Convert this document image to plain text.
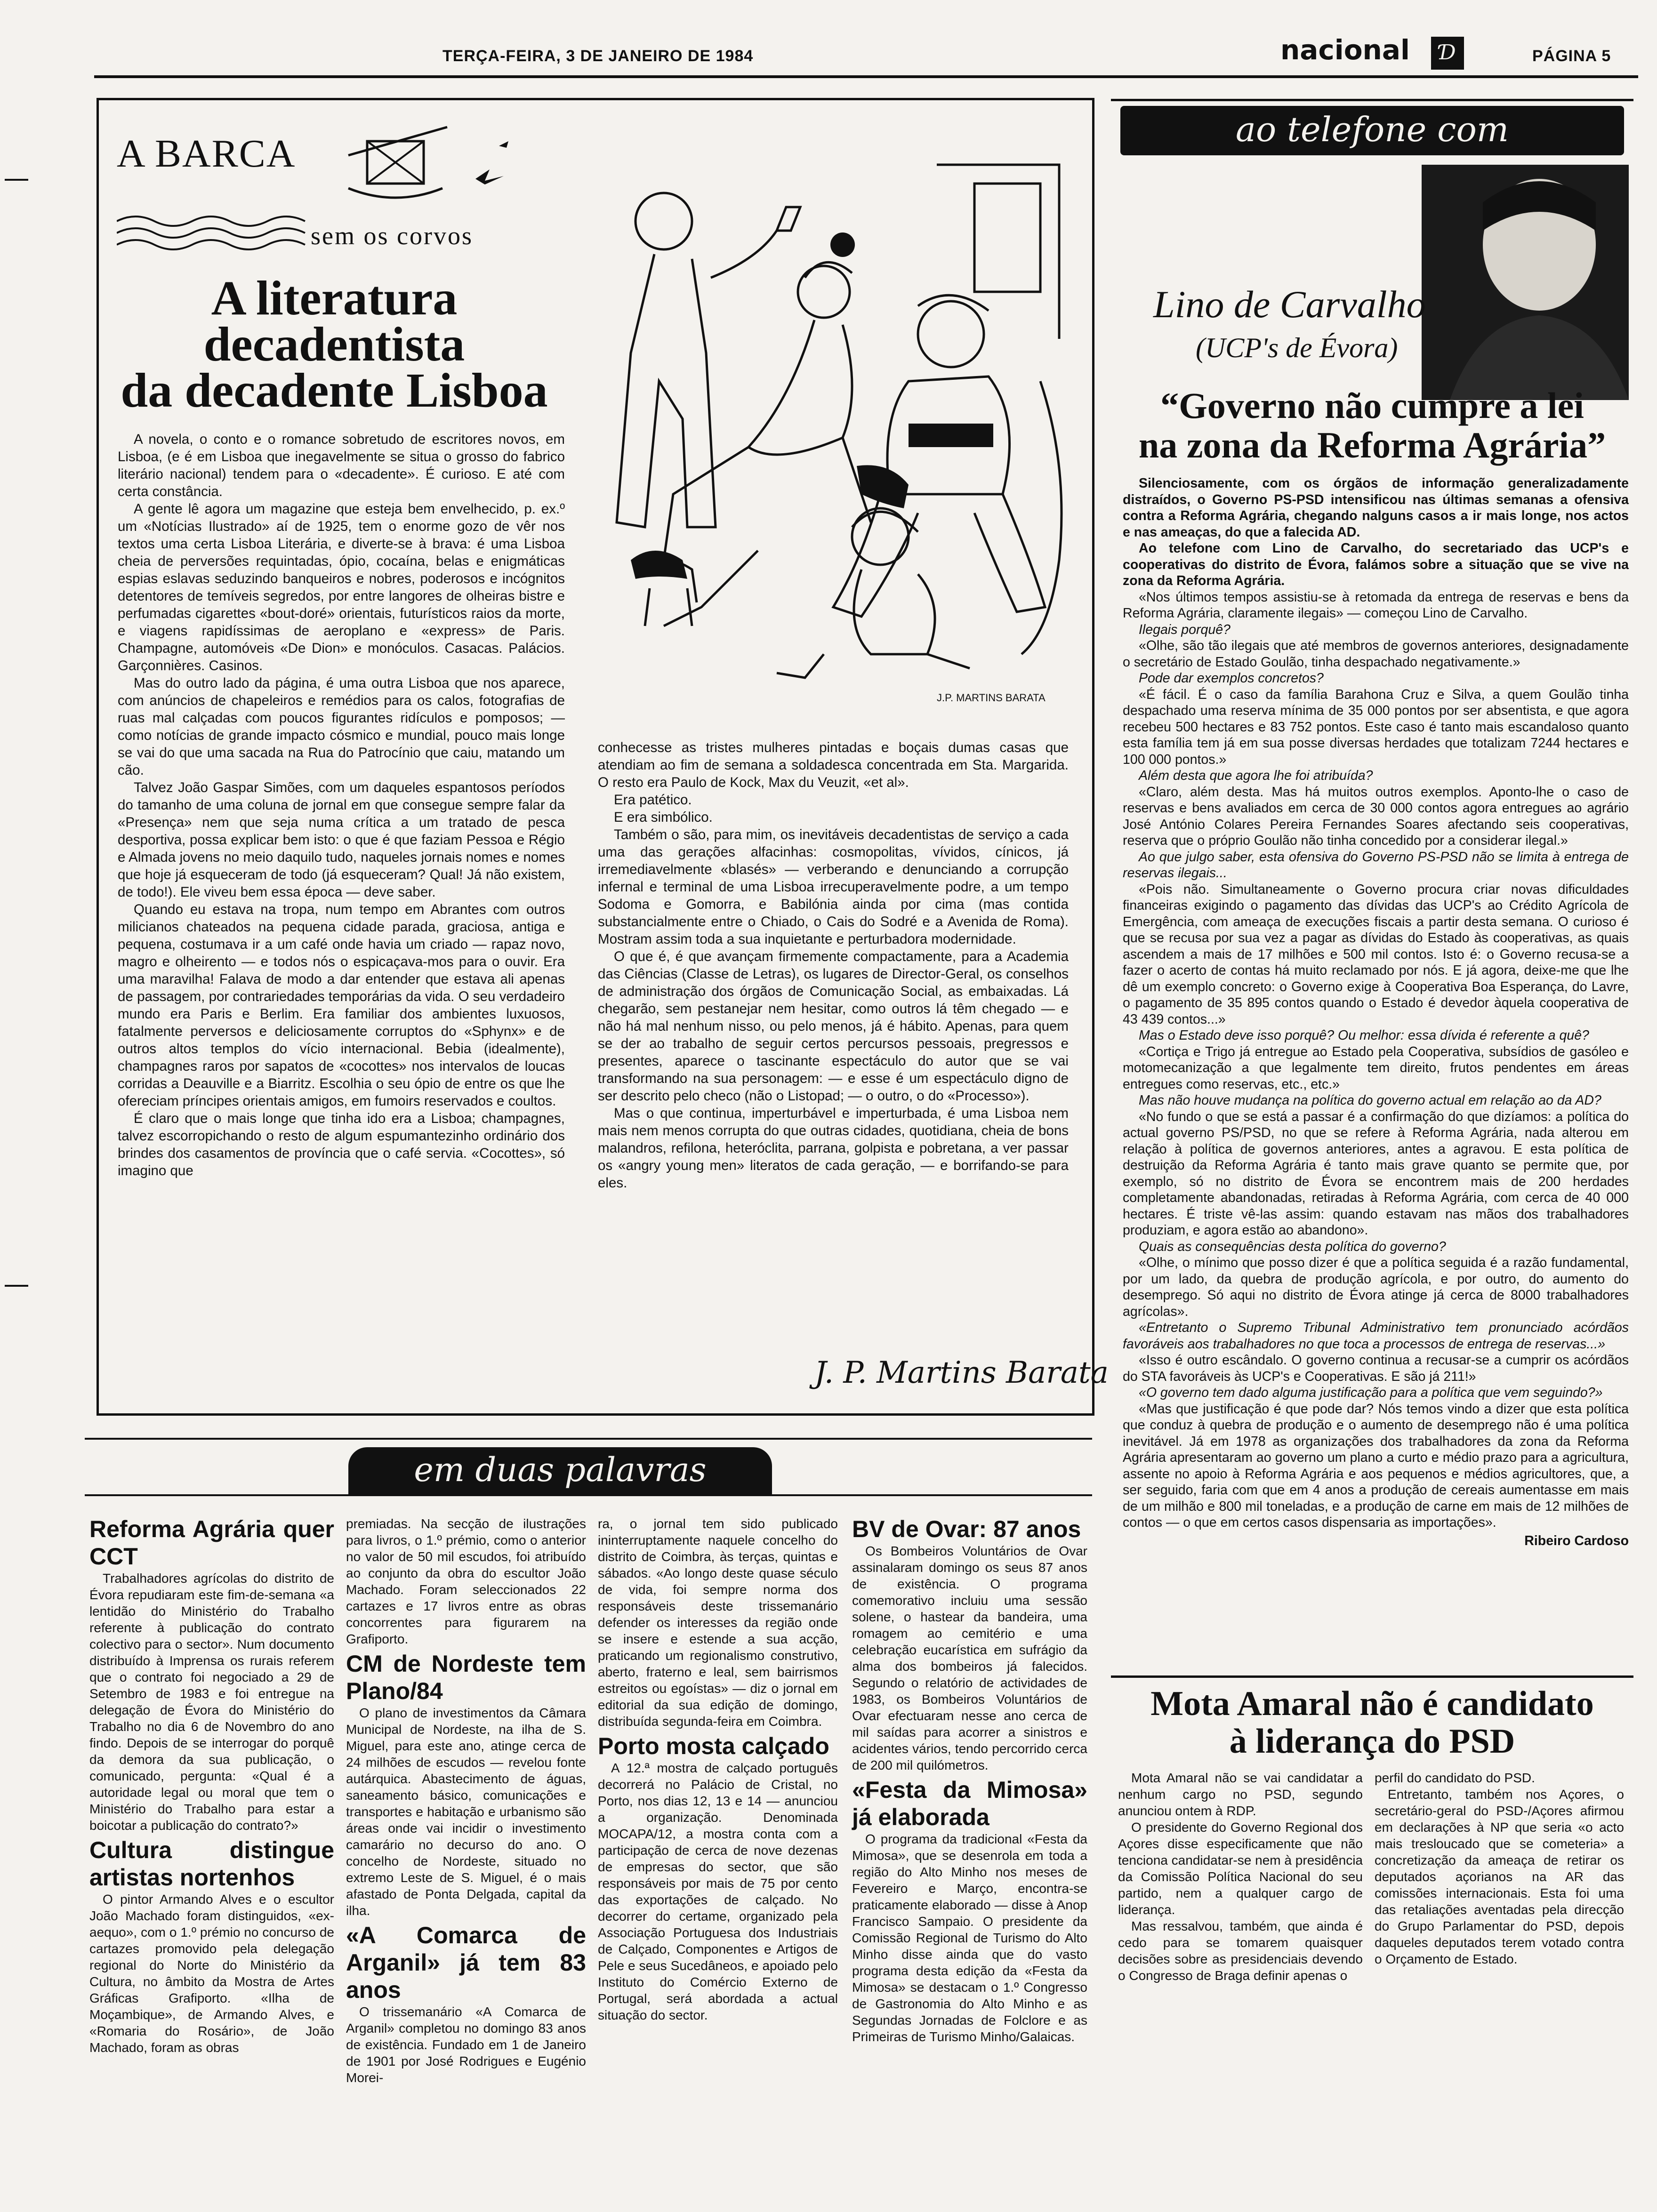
TERÇA-FEIRA, 3 DE JANEIRO DE 1984	nacional	Ɗ	PÁGINA 5
A BARCA
sem os corvos
A literatura
decadentista
da decadente Lisboa
J.P. MARTINS BARATA

A novela, o conto e o romance sobretudo de escritores novos, em Lisboa, (e é em Lisboa que inegavelmente se situa o grosso do fabrico literário nacional) tendem para o «decadente». É curioso. E até com certa constância.

A gente lê agora um magazine que esteja bem envelhecido, p. ex.º um «Notícias Ilustrado» aí de 1925, tem o enorme gozo de vêr nos textos uma certa Lisboa Literária, e diverte-se à brava: é uma Lisboa cheia de perversões requintadas, ópio, cocaína, belas e enigmáticas espias eslavas seduzindo banqueiros e nobres, poderosos e incógnitos detentores de temíveis segredos, por entre langores de olheiras bistre e perfumadas cigarettes «bout-doré» orientais, futurísticos raios da morte, e viagens rapidíssimas de aeroplano e «express» de Paris. Champagne, automóveis «De Dion» e monóculos. Casacas. Palácios. Garçonnières. Casinos.

Mas do outro lado da página, é uma outra Lisboa que nos aparece, com anúncios de chapeleiros e remédios para os calos, fotografias de ruas mal calçadas com poucos figurantes ridículos e pomposos; — como notícias de grande impacto cósmico e mundial, pouco mais longe se vai do que uma sacada na Rua do Patrocínio que caiu, matando um cão.

Talvez João Gaspar Simões, com um daqueles espantosos períodos do tamanho de uma coluna de jornal em que consegue sempre falar da «Presença» nem que seja numa crítica a um tratado de pesca desportiva, possa explicar bem isto: o que é que faziam Pessoa e Régio e Almada jovens no meio daquilo tudo, naqueles jornais nomes e nomes que hoje já esqueceram de todo (já esqueceram? Qual! Já não existem, de todo!). Ele viveu bem essa época — deve saber.

Quando eu estava na tropa, num tempo em Abrantes com outros milicianos chateados na pequena cidade parada, graciosa, antiga e pequena, costumava ir a um café onde havia um criado — rapaz novo, magro e olheirento — e todos nós o espicaçava-mos para o ouvir. Era uma maravilha! Falava de modo a dar entender que estava ali apenas de passagem, por contrariedades temporárias da vida. O seu verdadeiro mundo era Paris e Berlim. Era familiar dos ambientes luxuosos, fatalmente perversos e deliciosamente corruptos do «Sphynx» e de outros altos templos do vício internacional. Bebia (idealmente), champagnes raros por sapatos de «cocottes» nos intervalos de loucas corridas a Deauville e a Biarritz. Escolhia o seu ópio de entre os que lhe ofereciam príncipes orientais amigos, em fumoirs reservados e coultos.

É claro que o mais longe que tinha ido era a Lisboa; champagnes, talvez escorropichando o resto de algum espumantezinho ordinário dos brindes dos casamentos de província que o café servia. «Cocottes», só imagino que

conhecesse as tristes mulheres pintadas e boçais dumas casas que atendiam ao fim de semana a soldadesca concentrada em Sta. Margarida. O resto era Paulo de Kock, Max du Veuzit, «et al».

Era patético.

E era simbólico.

Também o são, para mim, os inevitáveis decadentistas de serviço a cada uma das gerações alfacinhas: cosmopolitas, vívidos, cínicos, já irremediavelmente «blasés» — verberando e denunciando a corrupção infernal e terminal de uma Lisboa irrecuperavelmente podre, a um tempo Sodoma e Gomorra, e Babilónia ainda por cima (mas contida substancialmente entre o Chiado, o Cais do Sodré e a Avenida de Roma). Mostram assim toda a sua inquietante e perturbadora modernidade.

O que é, é que avançam firmemente compactamente, para a Academia das Ciências (Classe de Letras), os lugares de Director-Geral, os conselhos de administração dos órgãos de Comunicação Social, as embaixadas. Lá chegarão, sem pestanejar nem hesitar, como outros lá têm chegado — e não há mal nenhum nisso, ou pelo menos, já é hábito. Apenas, para quem se der ao trabalho de seguir certos percursos pessoais, pregressos e presentes, aparece o tascinante espectáculo do autor que se vai transformando na sua personagem: — e esse é um espectáculo digno de ser descrito pelo checo (não o Listopad; — o outro, o do «Processo»).

Mas o que continua, imperturbável e imperturbada, é uma Lisboa nem mais nem menos corrupta do que outras cidades, quotidiana, cheia de bons malandros, refilona, heteróclita, parrana, golpista e pobretana, a ver passar os «angry young men» literatos de cada geração, — e borrifando-se para eles.

J. P. Martins Barata
ao telefone com
Lino de Carvalho
(UCP's de Évora)
“Governo não cumpre a lei
na zona da Reforma Agrária”

Silenciosamente, com os órgãos de informação generalizadamente distraídos, o Governo PS-PSD intensificou nas últimas semanas a ofensiva contra a Reforma Agrária, chegando nalguns casos a ir mais longe, nos actos e nas ameaças, do que a falecida AD.

Ao telefone com Lino de Carvalho, do secretariado das UCP's e cooperativas do distrito de Évora, falámos sobre a situação que se vive na zona da Reforma Agrária.

«Nos últimos tempos assistiu-se à retomada da entrega de reservas e bens da Reforma Agrária, claramente ilegais» — começou Lino de Carvalho.

Ilegais porquê?

«Olhe, são tão ilegais que até membros de governos anteriores, designadamente o secretário de Estado Goulão, tinha despachado negativamente.»

Pode dar exemplos concretos?

«É fácil. É o caso da família Barahona Cruz e Silva, a quem Goulão tinha despachado uma reserva mínima de 35 000 pontos por ser absentista, e que agora recebeu 500 hectares e 83 752 pontos. Este caso é tanto mais escandaloso quanto esta família tem já em sua posse diversas herdades que totalizam 7244 hectares e 100 000 pontos.»

Além desta que agora lhe foi atribuída?

«Claro, além desta. Mas há muitos outros exemplos. Aponto-lhe o caso de reservas e bens avaliados em cerca de 30 000 contos agora entregues ao agrário José António Colares Pereira Fernandes Soares afectando seis cooperativas, reserva que o próprio Goulão não tinha concedido por a considerar ilegal.»

Ao que julgo saber, esta ofensiva do Governo PS-PSD não se limita à entrega de reservas ilegais...

«Pois não. Simultaneamente o Governo procura criar novas dificuldades financeiras exigindo o pagamento das dívidas das UCP's ao Crédito Agrícola de Emergência, com ameaça de execuções fiscais a partir desta semana. O curioso é que se recusa por sua vez a pagar as dívidas do Estado às cooperativas, as quais ascendem a mais de 17 milhões e 500 mil contos. Isto é: o Governo recusa-se a fazer o acerto de contas há muito reclamado por nós. E já agora, deixe-me que lhe dê um exemplo concreto: o Governo exige à Cooperativa Boa Esperança, do Lavre, o pagamento de 35 895 contos quando o Estado é devedor àquela cooperativa de 43 439 contos...»

Mas o Estado deve isso porquê? Ou melhor: essa dívida é referente a quê?

«Cortiça e Trigo já entregue ao Estado pela Cooperativa, subsídios de gasóleo e motomecanização a que legalmente tem direito, frutos pendentes em áreas entregues como reservas, etc., etc.»

Mas não houve mudança na política do governo actual em relação ao da AD?

«No fundo o que se está a passar é a confirmação do que dizíamos: a política do actual governo PS/PSD, no que se refere à Reforma Agrária, nada alterou em relação à política de governos anteriores, antes a agravou. E esta política de destruição da Reforma Agrária é tanto mais grave quanto se permite que, por exemplo, só no distrito de Évora se encontrem mais de 200 herdades completamente abandonadas, retiradas à Reforma Agrária, com cerca de 40 000 hectares. É triste vê-las assim: quando estavam nas mãos dos trabalhadores produziam, e agora estão ao abandono».

Quais as consequências desta política do governo?

«Olhe, o mínimo que posso dizer é que a política seguida é a razão fundamental, por um lado, da quebra de produção agrícola, e por outro, do aumento do desemprego. Só aqui no distrito de Évora atinge já cerca de 8000 trabalhadores agrícolas».

«Entretanto o Supremo Tribunal Administrativo tem pronunciado acórdãos favoráveis aos trabalhadores no que toca a processos de entrega de reservas...»

«Isso é outro escândalo. O governo continua a recusar-se a cumprir os acórdãos do STA favoráveis às UCP's e Cooperativas. E são já 211!»

«O governo tem dado alguma justificação para a política que vem seguindo?»

«Mas que justificação é que pode dar? Nós temos vindo a dizer que esta política que conduz à quebra de produção e o aumento de desemprego não é uma política inevitável. Já em 1978 as organizações dos trabalhadores da zona da Reforma Agrária apresentaram ao governo um plano a curto e médio prazo para a agricultura, assente no apoio à Reforma Agrária e aos pequenos e médios agricultores, que, a ser seguido, faria com que em 4 anos a produção de cereais aumentasse em mais de um milhão e 800 mil toneladas, e a produção de carne em mais de 12 milhões de contos — o que em certos casos dispensaria as importações».

Ribeiro Cardoso
em duas palavras
Reforma Agrária quer CCT

Trabalhadores agrícolas do distrito de Évora repudiaram este fim-de-semana «a lentidão do Ministério do Trabalho referente à publicação do contrato colectivo para o sector». Num documento distribuído à Imprensa os rurais referem que o contrato foi negociado a 29 de Setembro de 1983 e foi entregue na delegação de Évora do Ministério do Trabalho no dia 6 de Novembro do ano findo. Depois de se interrogar do porquê da demora da sua publicação, o comunicado, pergunta: «Qual é a autoridade legal ou moral que tem o Ministério do Trabalho para estar a boicotar a publicação do contrato?»

Cultura distingue artistas nortenhos

O pintor Armando Alves e o escultor João Machado foram distinguidos, «ex-aequo», com o 1.º prémio no concurso de cartazes promovido pela delegação regional do Norte do Ministério da Cultura, no âmbito da Mostra de Artes Gráficas Grafiporto. «Ilha de Moçambique», de Armando Alves, e «Romaria do Rosário», de João Machado, foram as obras

premiadas. Na secção de ilustrações para livros, o 1.º prémio, como o anterior no valor de 50 mil escudos, foi atribuído ao conjunto da obra do escultor João Machado. Foram seleccionados 22 cartazes e 17 livros entre as obras concorrentes para figurarem na Grafiporto.

CM de Nordeste tem Plano/84

O plano de investimentos da Câmara Municipal de Nordeste, na ilha de S. Miguel, para este ano, atinge cerca de 24 milhões de escudos — revelou fonte autárquica. Abastecimento de águas, saneamento básico, comunicações e transportes e habitação e urbanismo são áreas onde vai incidir o investimento camarário no decurso do ano. O concelho de Nordeste, situado no extremo Leste de S. Miguel, é o mais afastado de Ponta Delgada, capital da ilha.

«A Comarca de Arganil» já tem 83 anos

O trissemanário «A Comarca de Arganil» completou no domingo 83 anos de existência. Fundado em 1 de Janeiro de 1901 por José Rodrigues e Eugénio Morei-

ra, o jornal tem sido publicado ininterruptamente naquele concelho do distrito de Coimbra, às terças, quintas e sábados. «Ao longo deste quase século de vida, foi sempre norma dos responsáveis deste trissemanário defender os interesses da região onde se insere e estende a sua acção, praticando um regionalismo construtivo, aberto, fraterno e leal, sem bairrismos estreitos ou egoístas» — diz o jornal em editorial da sua edição de domingo, distribuída segunda-feira em Coimbra.

Porto mosta calçado

A 12.ª mostra de calçado português decorrerá no Palácio de Cristal, no Porto, nos dias 12, 13 e 14 — anunciou a organização. Denominada MOCAPA/12, a mostra conta com a participação de cerca de nove dezenas de empresas do sector, que são responsáveis por mais de 75 por cento das exportações de calçado. No decorrer do certame, organizado pela Associação Portuguesa dos Industriais de Calçado, Componentes e Artigos de Pele e seus Sucedâneos, e apoiado pelo Instituto do Comércio Externo de Portugal, será abordada a actual situação do sector.

BV de Ovar: 87 anos

Os Bombeiros Voluntários de Ovar assinalaram domingo os seus 87 anos de existência. O programa comemorativo incluiu uma sessão solene, o hastear da bandeira, uma romagem ao cemitério e uma celebração eucarística em sufrágio da alma dos bombeiros já falecidos. Segundo o relatório de actividades de 1983, os Bombeiros Voluntários de Ovar efectuaram nesse ano cerca de mil saídas para acorrer a sinistros e acidentes vários, tendo percorrido cerca de 200 mil quilómetros.

«Festa da Mimosa» já elaborada

O programa da tradicional «Festa da Mimosa», que se desenrola em toda a região do Alto Minho nos meses de Fevereiro e Março, encontra-se praticamente elaborado — disse à Anop Francisco Sampaio. O presidente da Comissão Regional de Turismo do Alto Minho disse ainda que do vasto programa desta edição da «Festa da Mimosa» se destacam o 1.º Congresso de Gastronomia do Alto Minho e as Segundas Jornadas de Folclore e as Primeiras de Turismo Minho/Galaicas.

Mota Amaral não é candidato
à liderança do PSD

Mota Amaral não se vai candidatar a nenhum cargo no PSD, segundo anunciou ontem à RDP.

O presidente do Governo Regional dos Açores disse especificamente que não tenciona candidatar-se nem à presidência da Comissão Política Nacional do seu partido, nem a qualquer cargo de liderança.

Mas ressalvou, também, que ainda é cedo para se tomarem quaisquer decisões sobre as presidenciais devendo o Congresso de Braga definir apenas o

perfil do candidato do PSD.

Entretanto, também nos Açores, o secretário-geral do PSD-/Açores afirmou em declarações à NP que seria «o acto mais tresloucado que se cometeria» a concretização da ameaça de retirar os deputados açorianos na AR das comissões internacionais. Esta foi uma das retaliações aventadas pela direcção do Grupo Parlamentar do PSD, depois daqueles deputados terem votado contra o Orçamento de Estado.
